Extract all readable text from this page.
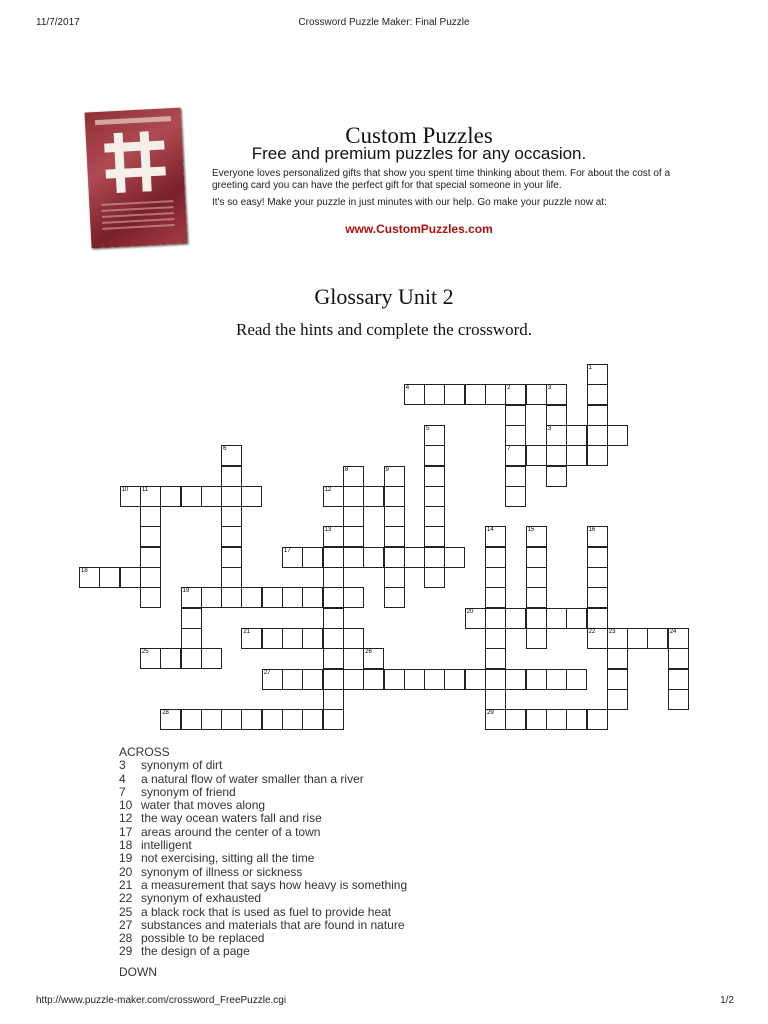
11/7/2017	Crossword Puzzle Maker: Final Puzzle
Custom Puzzles
Free and premium puzzles for any occasion.

Everyone loves personalized gifts that show you spent time thinking about them. For about the cost of a greeting card you can have the perfect gift for that special someone in your life.

It's so easy! Make your puzzle in just minutes with our help. Go make your puzzle now at:

www.CustomPuzzles.com
Glossary Unit 2
Read the hints and complete the crossword.
3
4	2
7
10 11	12
17
18
19
20
21	22 23	24
25
27
28	29
1
3
5
6
8	9
13	14	15	16
26
ACROSS
3	synonym of dirt
4	a natural flow of water smaller than a river
7	synonym of friend
10 water that moves along
12 the way ocean waters fall and rise
17 areas around the center of a town
18 intelligent
19 not exercising, sitting all the time
20 synonym of illness or sickness
21 a measurement that says how heavy is something
22 synonym of exhausted
25 a black rock that is used as fuel to provide heat
27 substances and materials that are found in nature
28 possible to be replaced
29 the design of a page
DOWN
http://www.puzzle-maker.com/crossword_FreePuzzle.cgi	1/2
